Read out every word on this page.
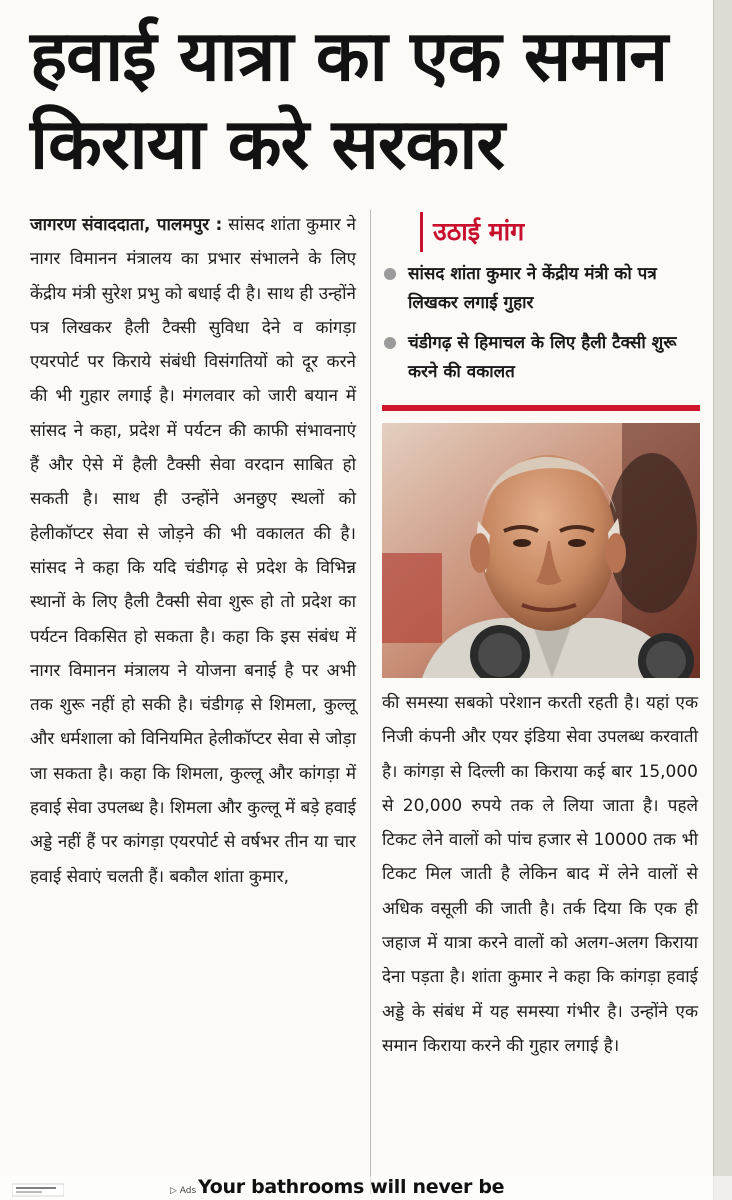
हवाई यात्रा का एक समान
किराया करे सरकार
जागरण संवाददाता, पालमपुर : सांसद शांता कुमार ने नागर विमानन मंत्रालय का प्रभार संभालने के लिए केंद्रीय मंत्री सुरेश प्रभु को बधाई दी है। साथ ही उन्होंने पत्र लिखकर हैली टैक्सी सुविधा देने व कांगड़ा एयरपोर्ट पर किराये संबंधी विसंगतियों को दूर करने की भी गुहार लगाई है। मंगलवार को जारी बयान में सांसद ने कहा, प्रदेश में पर्यटन की काफी संभावनाएं हैं और ऐसे में हैली टैक्सी सेवा वरदान साबित हो सकती है। साथ ही उन्होंने अनछुए स्थलों को हेलीकॉप्टर सेवा से जोड़ने की भी वकालत की है। सांसद ने कहा कि यदि चंडीगढ़ से प्रदेश के विभिन्न स्थानों के लिए हैली टैक्सी सेवा शुरू हो तो प्रदेश का पर्यटन विकसित हो सकता है। कहा कि इस संबंध में नागर विमानन मंत्रालय ने योजना बनाई है पर अभी तक शुरू नहीं हो सकी है। चंडीगढ़ से शिमला, कुल्लू और धर्मशाला को विनियमित हेलीकॉप्टर सेवा से जोड़ा जा सकता है। कहा कि शिमला, कुल्लू और कांगड़ा में हवाई सेवा उपलब्ध है। शिमला और कुल्लू में बड़े हवाई अड्डे नहीं हैं पर कांगड़ा एयरपोर्ट से वर्षभर तीन या चार हवाई सेवाएं चलती हैं। बकौल शांता कुमार,
उठाई मांग
सांसद शांता कुमार ने केंद्रीय मंत्री को पत्र लिखकर लगाई गुहार
चंडीगढ़ से हिमाचल के लिए हैली टैक्सी शुरू करने की वकालत
की समस्या सबको परेशान करती रहती है। यहां एक निजी कंपनी और एयर इंडिया सेवा उपलब्ध करवाती है। कांगड़ा से दिल्ली का किराया कई बार 15,000 से 20,000 रुपये तक ले लिया जाता है। पहले टिकट लेने वालों को पांच हजार से 10000 तक भी टिकट मिल जाती है लेकिन बाद में लेने वालों से अधिक वसूली की जाती है। तर्क दिया कि एक ही जहाज में यात्रा करने वालों को अलग-अलग किराया देना पड़ता है। शांता कुमार ने कहा कि कांगड़ा हवाई अड्डे के संबंध में यह समस्या गंभीर है। उन्होंने एक समान किराया करने की गुहार लगाई है।
▷ Ads Your bathrooms will never be
